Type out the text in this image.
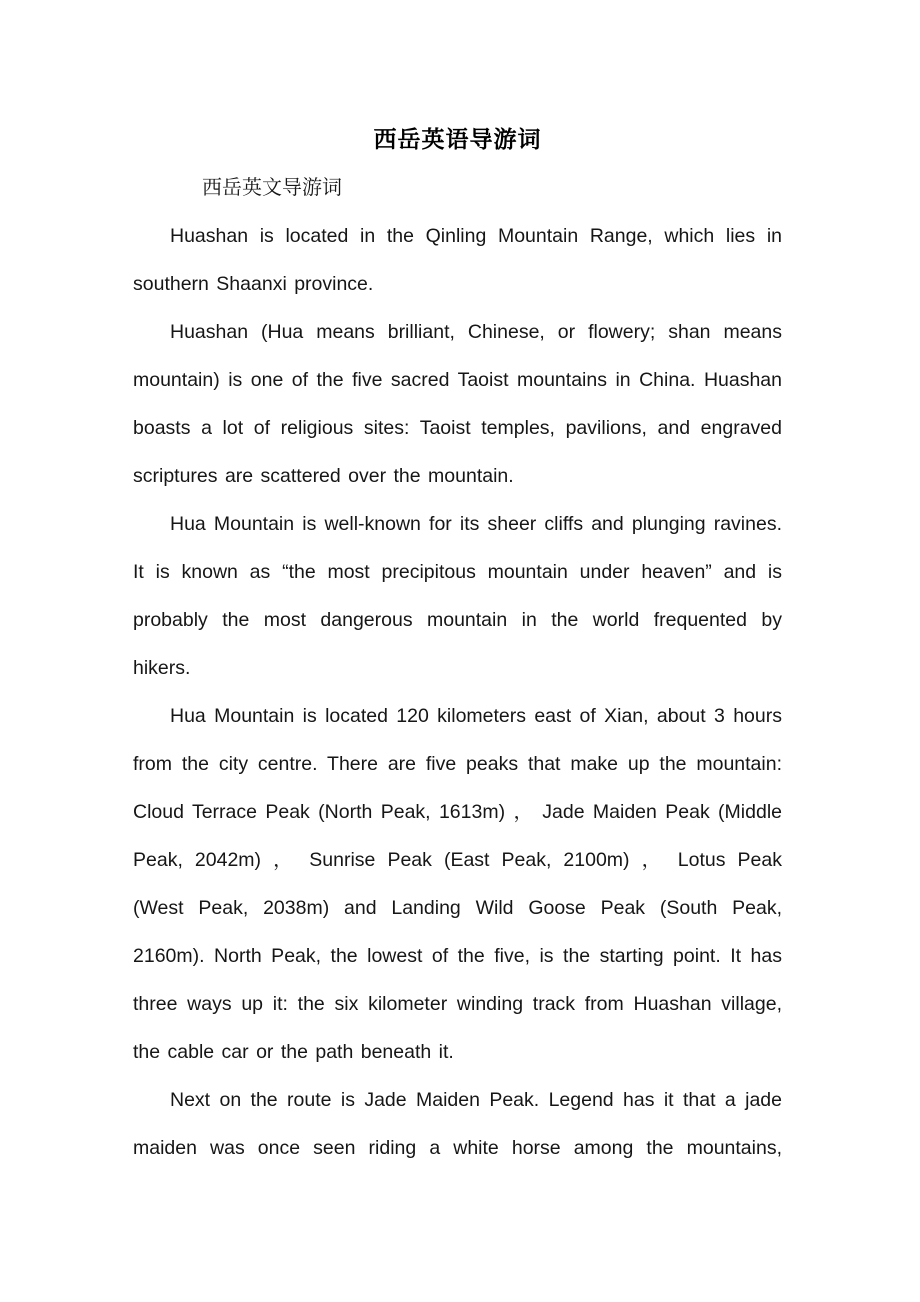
西岳英语导游词

西岳英文导游词

Huashan is located in the Qinling Mountain Range, which lies in southern Shaanxi province.

Huashan (Hua means brilliant, Chinese, or flowery; shan means mountain) is one of the five sacred Taoist mountains in China. Huashan boasts a lot of religious sites: Taoist temples, pavilions, and engraved scriptures are scattered over the mountain.

Hua Mountain is well-known for its sheer cliffs and plunging ravines. It is known as “the most precipitous mountain under heaven” and is probably the most dangerous mountain in the world frequented by hikers.

Hua Mountain is located 120 kilometers east of Xian, about 3 hours from the city centre. There are five peaks that make up the mountain: Cloud Terrace Peak (North Peak, 1613m) ， Jade Maiden Peak (Middle Peak, 2042m) ， Sunrise Peak (East Peak, 2100m) ， Lotus Peak (West Peak, 2038m) and Landing Wild Goose Peak (South Peak, 2160m). North Peak, the lowest of the five, is the starting point. It has three ways up it: the six kilometer winding track from Huashan village, the cable car or the path beneath it.

Next on the route is Jade Maiden Peak. Legend has it that a jade maiden was once seen riding a white horse among the mountains,
